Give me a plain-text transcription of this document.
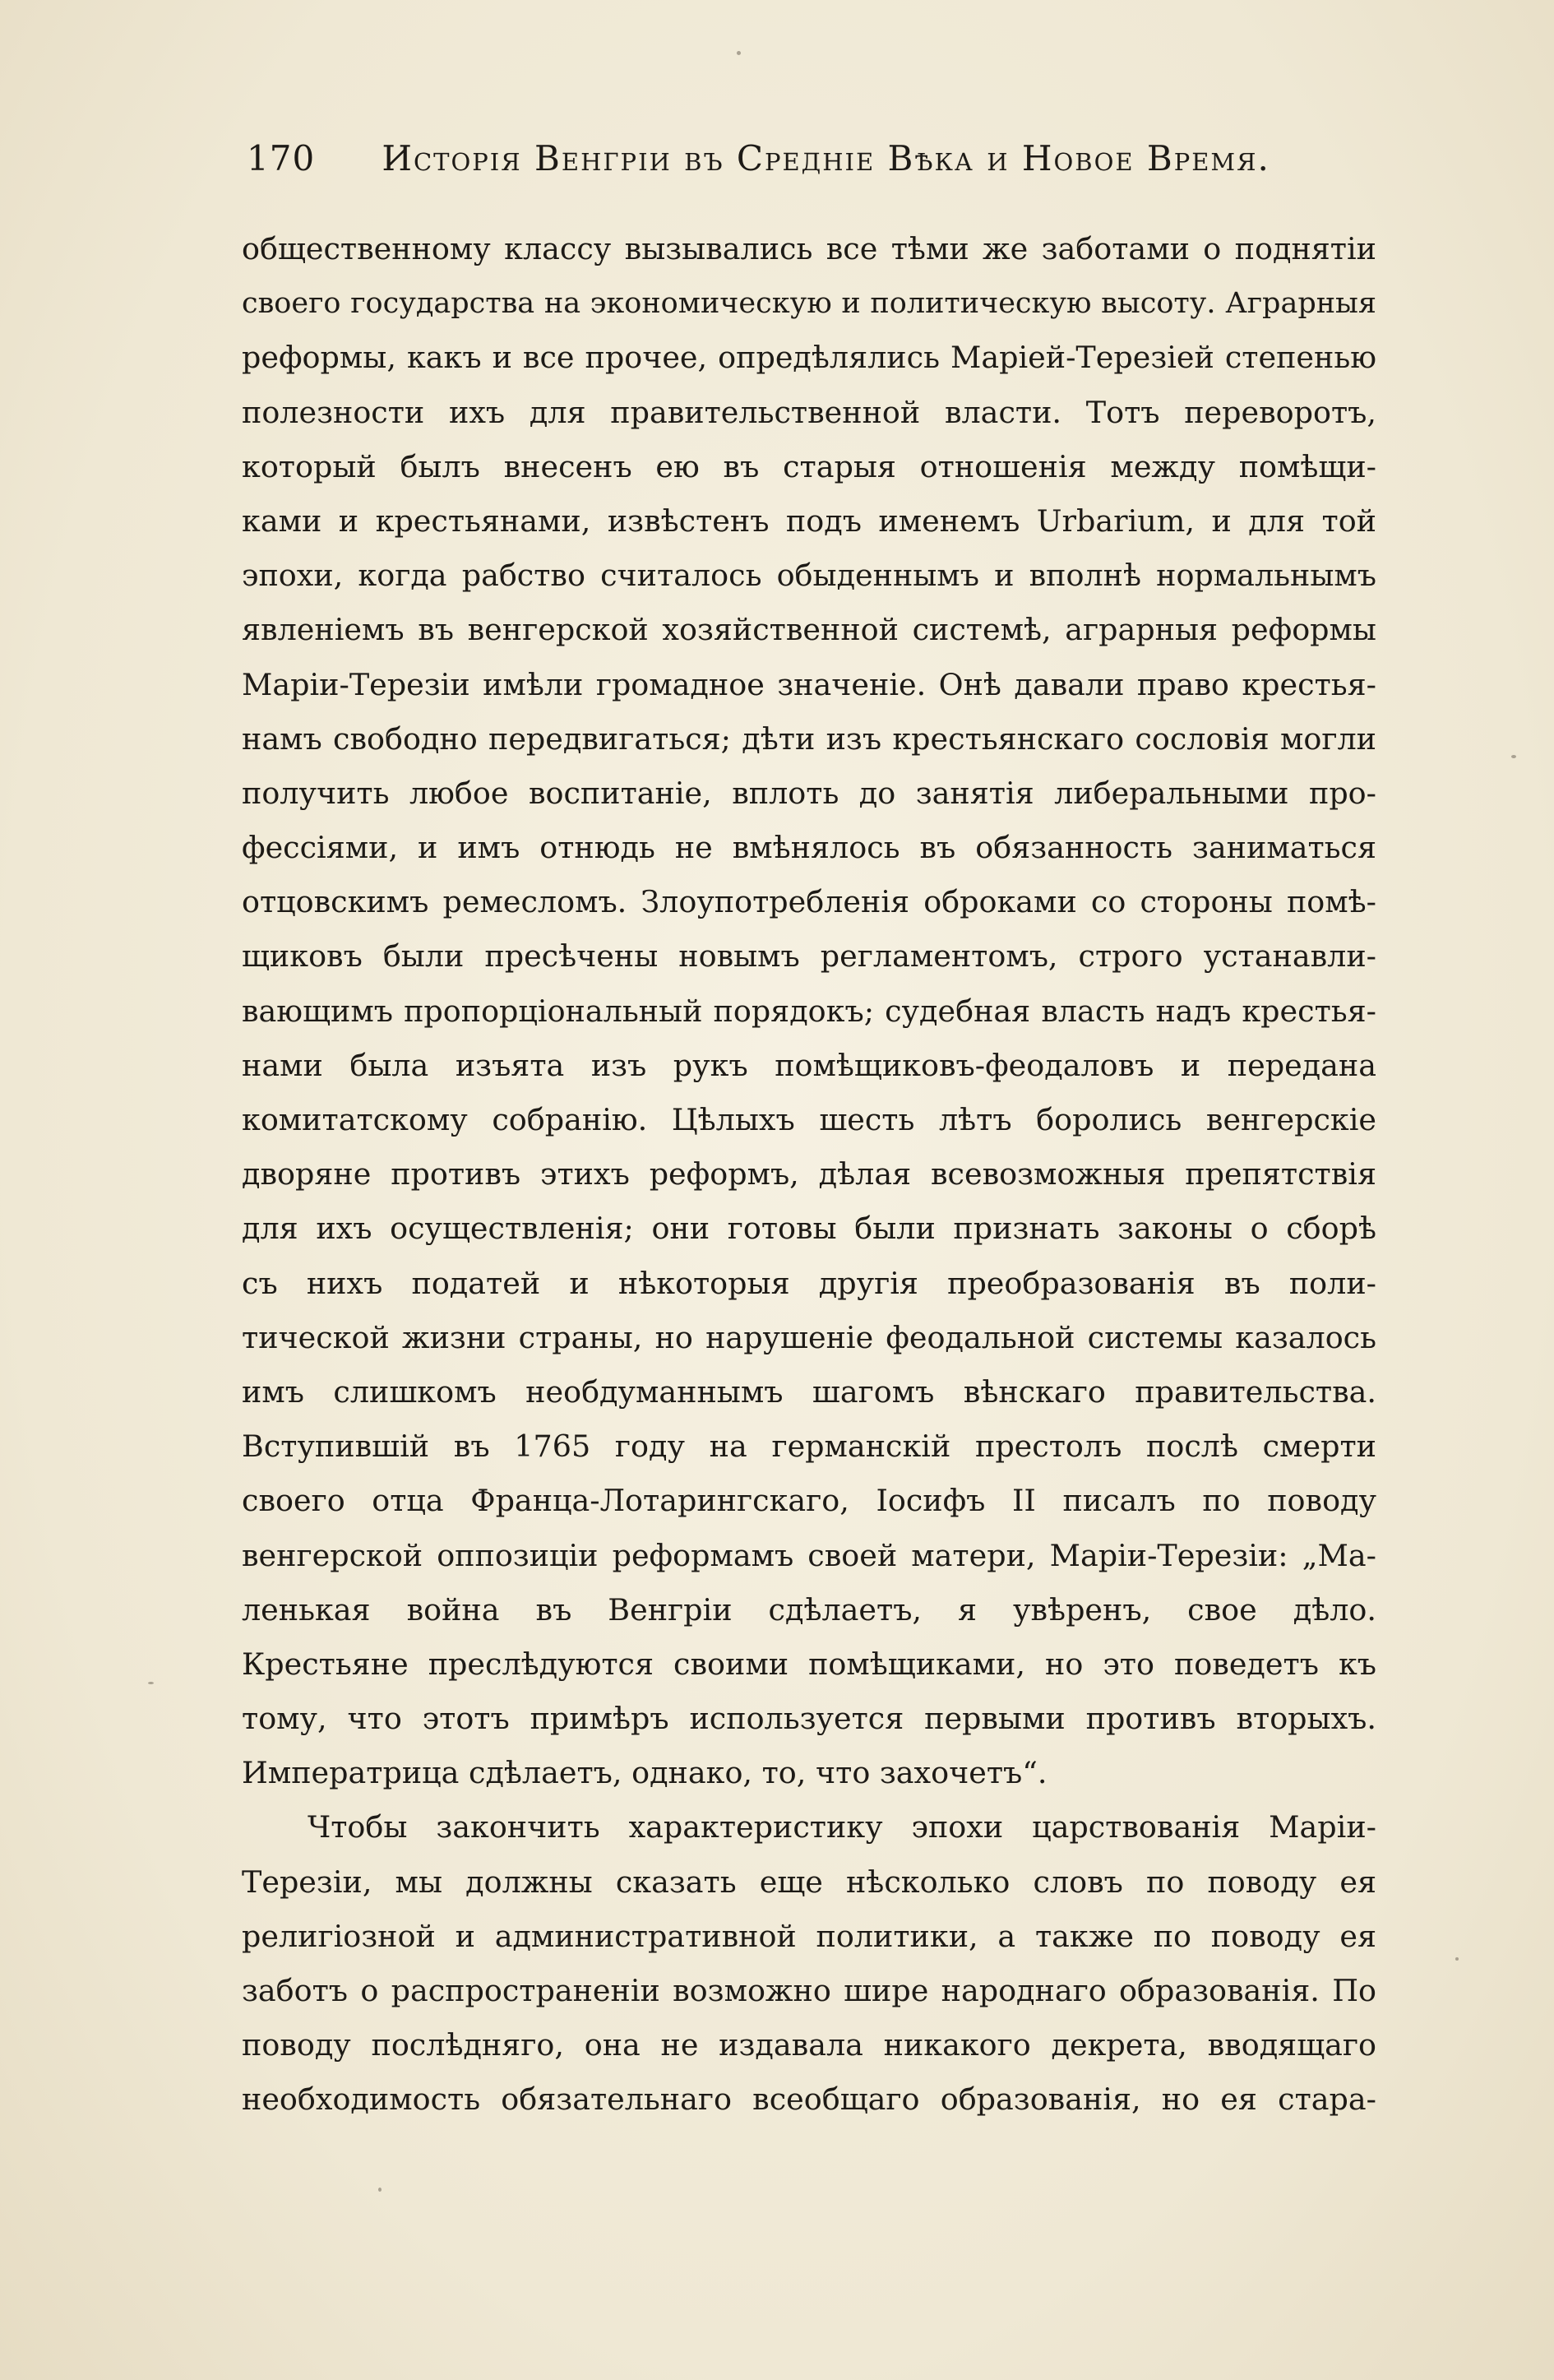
170 Исторія Венгріи въ Средніе Вѣка и Новое Время.
общественному классу вызывались все тѣми же заботами о поднятіи
своего государства на экономическую и политическую высоту. Аграрныя
реформы, какъ и все прочее, опредѣлялись Маріей-Терезіей степенью
полезности ихъ для правительственной власти. Тотъ переворотъ,
который былъ внесенъ ею въ старыя отношенія между помѣщи-
ками и крестьянами, извѣстенъ подъ именемъ Urbarium, и для той
эпохи, когда рабство считалось обыденнымъ и вполнѣ нормальнымъ
явленіемъ въ венгерской хозяйственной системѣ, аграрныя реформы
Маріи-Терезіи имѣли громадное значеніе. Онѣ давали право крестья-
намъ свободно передвигаться; дѣти изъ крестьянскаго сословія могли
получить любое воспитаніе, вплоть до занятія либеральными про-
фессіями, и имъ отнюдь не вмѣнялось въ обязанность заниматься
отцовскимъ ремесломъ. Злоупотребленія оброками со стороны помѣ-
щиковъ были пресѣчены новымъ регламентомъ, строго устанавли-
вающимъ пропорціональный порядокъ; судебная власть надъ крестья-
нами была изъята изъ рукъ помѣщиковъ-феодаловъ и передана
комитатскому собранію. Цѣлыхъ шесть лѣтъ боролись венгерскіе
дворяне противъ этихъ реформъ, дѣлая всевозможныя препятствія
для ихъ осуществленія; они готовы были признать законы о сборѣ
съ нихъ податей и нѣкоторыя другія преобразованія въ поли-
тической жизни страны, но нарушеніе феодальной системы казалось
имъ слишкомъ необдуманнымъ шагомъ вѣнскаго правительства.
Вступившій въ 1765 году на германскій престолъ послѣ смерти
своего отца Франца-Лотарингскаго, Іосифъ II писалъ по поводу
венгерской оппозиціи реформамъ своей матери, Маріи-Терезіи: „Ма-
ленькая война въ Венгріи сдѣлаетъ, я увѣренъ, свое дѣло.
Крестьяне преслѣдуются своими помѣщиками, но это поведетъ къ
тому, что этотъ примѣръ используется первыми противъ вторыхъ.
Императрица сдѣлаетъ, однако, то, что захочетъ“.
Чтобы закончить характеристику эпохи царствованія Маріи-
Терезіи, мы должны сказать еще нѣсколько словъ по поводу ея
религіозной и административной политики, а также по поводу ея
заботъ о распространеніи возможно шире народнаго образованія. По
поводу послѣдняго, она не издавала никакого декрета, вводящаго
необходимость обязательнаго всеобщаго образованія, но ея стара-
